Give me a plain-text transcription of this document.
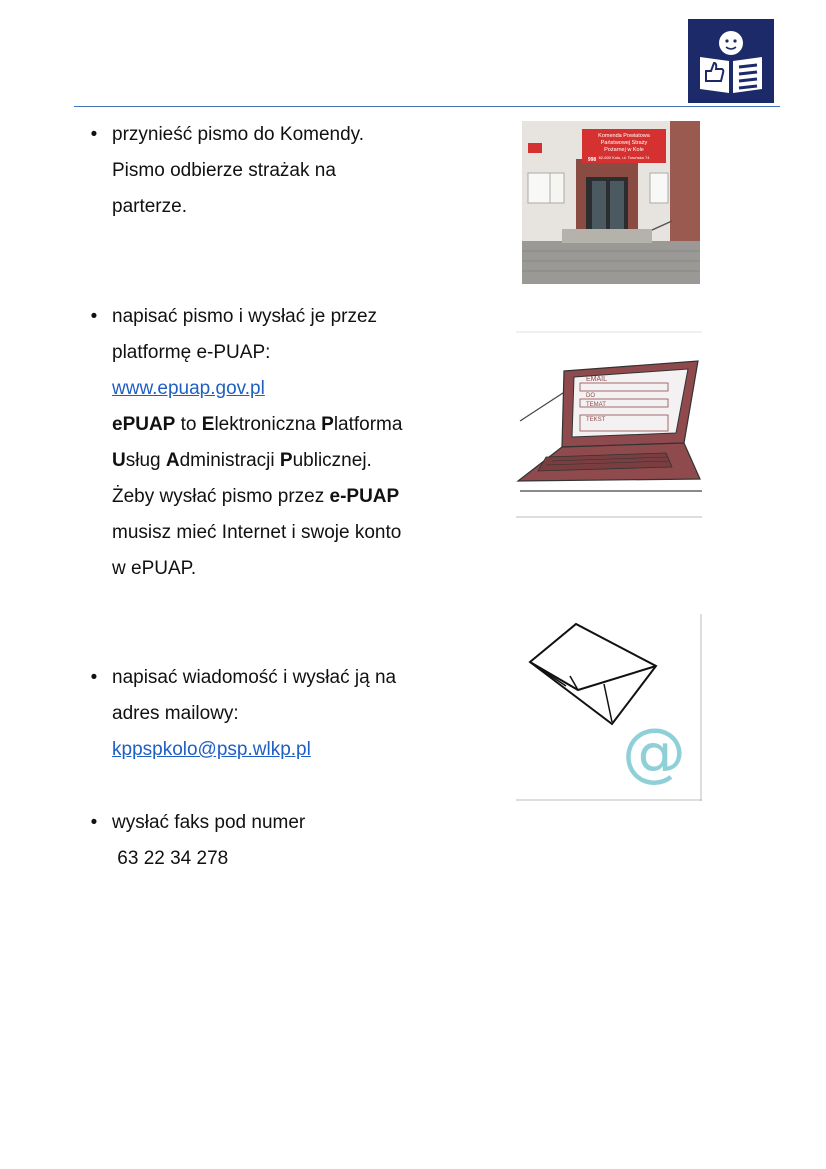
• przynieść pismo do Komendy.
Pismo odbierze strażak na
parterze.
• napisać pismo i wysłać je przez
platformę e-PUAP:
www.epuap.gov.pl
ePUAP to Elektroniczna Platforma
Usług Administracji Publicznej.
Żeby wysłać pismo przez e-PUAP
musisz mieć Internet i swoje konto
w ePUAP.
• napisać wiadomość i wysłać ją na
adres mailowy:
kppspkolo@psp.wlkp.pl
• wysłać faks pod numer
63 22 34 278
Komenda Powiatowa
Państwowej Straży
Pożarnej w Kole
62-600 Koło, ul. Toruńska 74
998
EMAIL
DO
TEMAT
TEKST
@
